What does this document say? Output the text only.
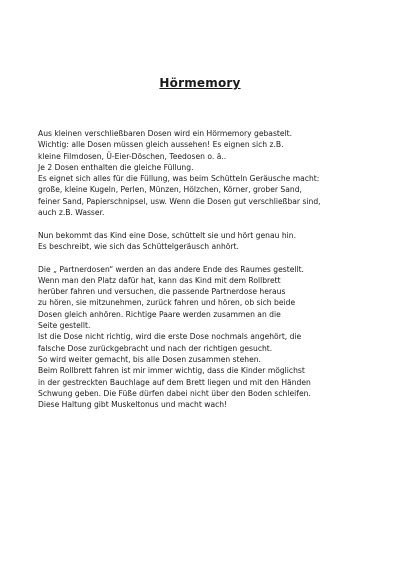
Hörmemory
Aus kleinen verschließbaren Dosen wird ein Hörmemory gebastelt.
Wichtig: alle Dosen müssen gleich aussehen! Es eignen sich z.B.
kleine Filmdosen, Ü-Eier-Döschen, Teedosen o. ä..
Je 2 Dosen enthalten die gleiche Füllung.
Es eignet sich alles für die Füllung, was beim Schütteln Geräusche macht:
große, kleine Kugeln, Perlen, Münzen, Hölzchen, Körner, grober Sand,
feiner Sand, Papierschnipsel, usw. Wenn die Dosen gut verschließbar sind,
auch z.B. Wasser.
Nun bekommt das Kind eine Dose, schüttelt sie und hört genau hin.
Es beschreibt, wie sich das Schüttelgeräusch anhört.
Die „ Partnerdosen“ werden an das andere Ende des Raumes gestellt.
Wenn man den Platz dafür hat, kann das Kind mit dem Rollbrett
herüber fahren und versuchen, die passende Partnerdose heraus
zu hören, sie mitzunehmen, zurück fahren und hören, ob sich beide
Dosen gleich anhören. Richtige Paare werden zusammen an die
Seite gestellt.
Ist die Dose nicht richtig, wird die erste Dose nochmals angehört, die
falsche Dose zurückgebracht und nach der richtigen gesucht.
So wird weiter gemacht, bis alle Dosen zusammen stehen.
Beim Rollbrett fahren ist mir immer wichtig, dass die Kinder möglichst
in der gestreckten Bauchlage auf dem Brett liegen und mit den Händen
Schwung geben. Die Füße dürfen dabei nicht über den Boden schleifen.
Diese Haltung gibt Muskeltonus und macht wach!
